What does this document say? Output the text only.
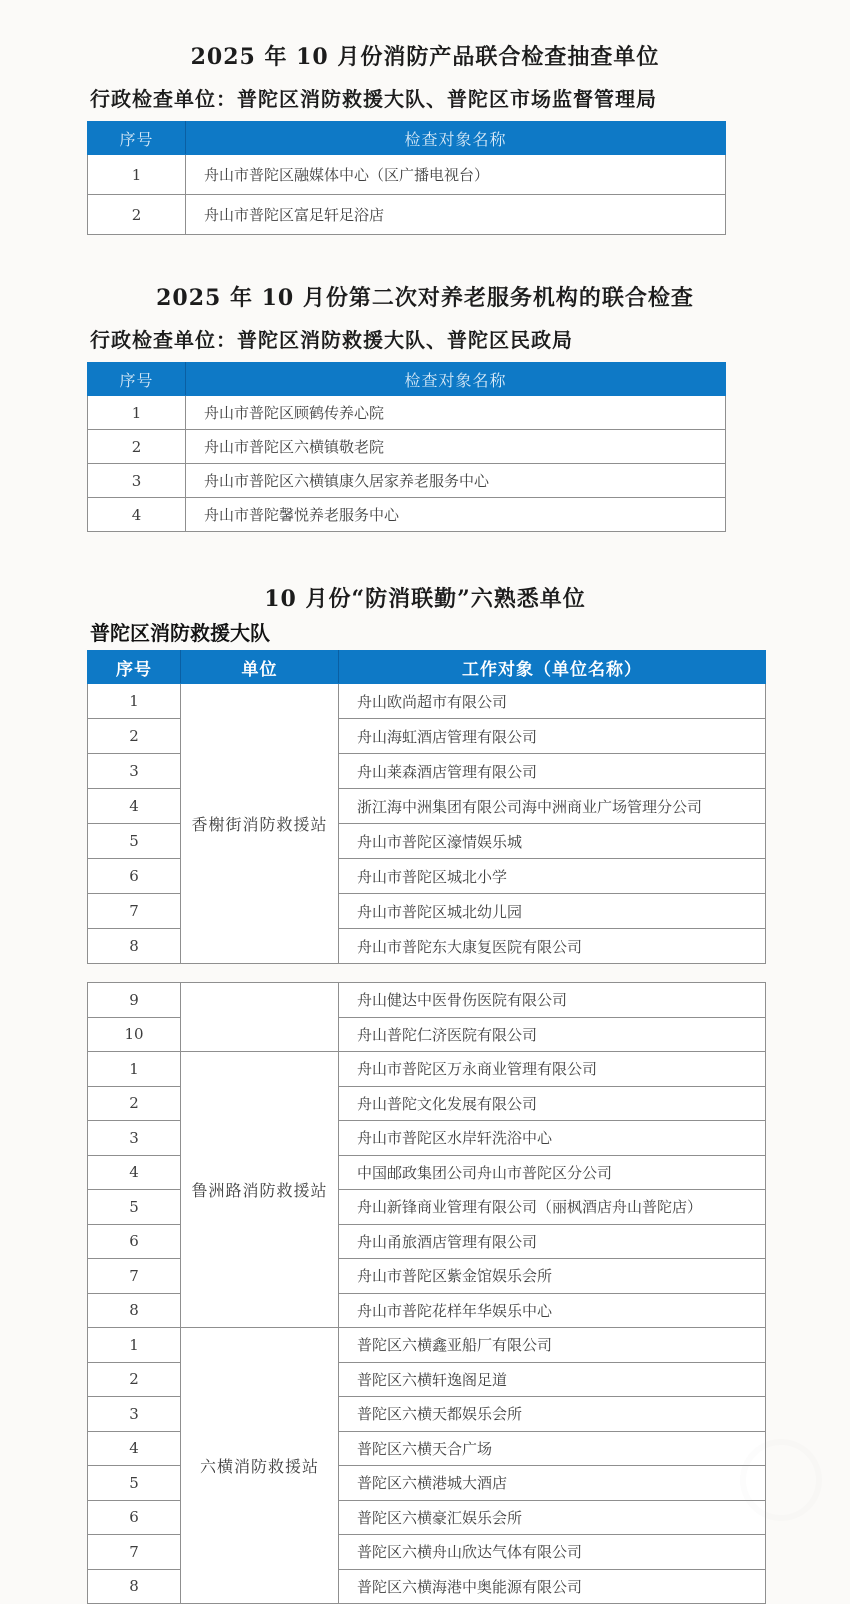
2025 年 10 月份消防产品联合检查抽查单位
行政检查单位：普陀区消防救援大队、普陀区市场监督管理局
序号	检查对象名称
1	舟山市普陀区融媒体中心（区广播电视台）
2	舟山市普陀区富足轩足浴店
2025 年 10 月份第二次对养老服务机构的联合检查
行政检查单位：普陀区消防救援大队、普陀区民政局
序号	检查对象名称
1	舟山市普陀区顾鹤传养心院
2	舟山市普陀区六横镇敬老院
3	舟山市普陀区六横镇康久居家养老服务中心
4	舟山市普陀馨悦养老服务中心
10 月份“防消联勤”六熟悉单位
普陀区消防救援大队
序号	单位	工作对象（单位名称）
1	香榭街消防救援站	舟山欧尚超市有限公司
2		舟山海虹酒店管理有限公司
3		舟山莱森酒店管理有限公司
4		浙江海中洲集团有限公司海中洲商业广场管理分公司
5		舟山市普陀区濠情娱乐城
6		舟山市普陀区城北小学
7		舟山市普陀区城北幼儿园
8		舟山市普陀东大康复医院有限公司
9		舟山健达中医骨伤医院有限公司
10		舟山普陀仁济医院有限公司
1	鲁洲路消防救援站	舟山市普陀区万永商业管理有限公司
2		舟山普陀文化发展有限公司
3		舟山市普陀区水岸轩洗浴中心
4		中国邮政集团公司舟山市普陀区分公司
5		舟山新锋商业管理有限公司（丽枫酒店舟山普陀店）
6		舟山甬旅酒店管理有限公司
7		舟山市普陀区紫金馆娱乐会所
8		舟山市普陀花样年华娱乐中心
1	六横消防救援站	普陀区六横鑫亚船厂有限公司
2		普陀区六横轩逸阁足道
3		普陀区六横天都娱乐会所
4		普陀区六横天合广场
5		普陀区六横港城大酒店
6		普陀区六横豪汇娱乐会所
7		普陀区六横舟山欣达气体有限公司
8		普陀区六横海港中奥能源有限公司
